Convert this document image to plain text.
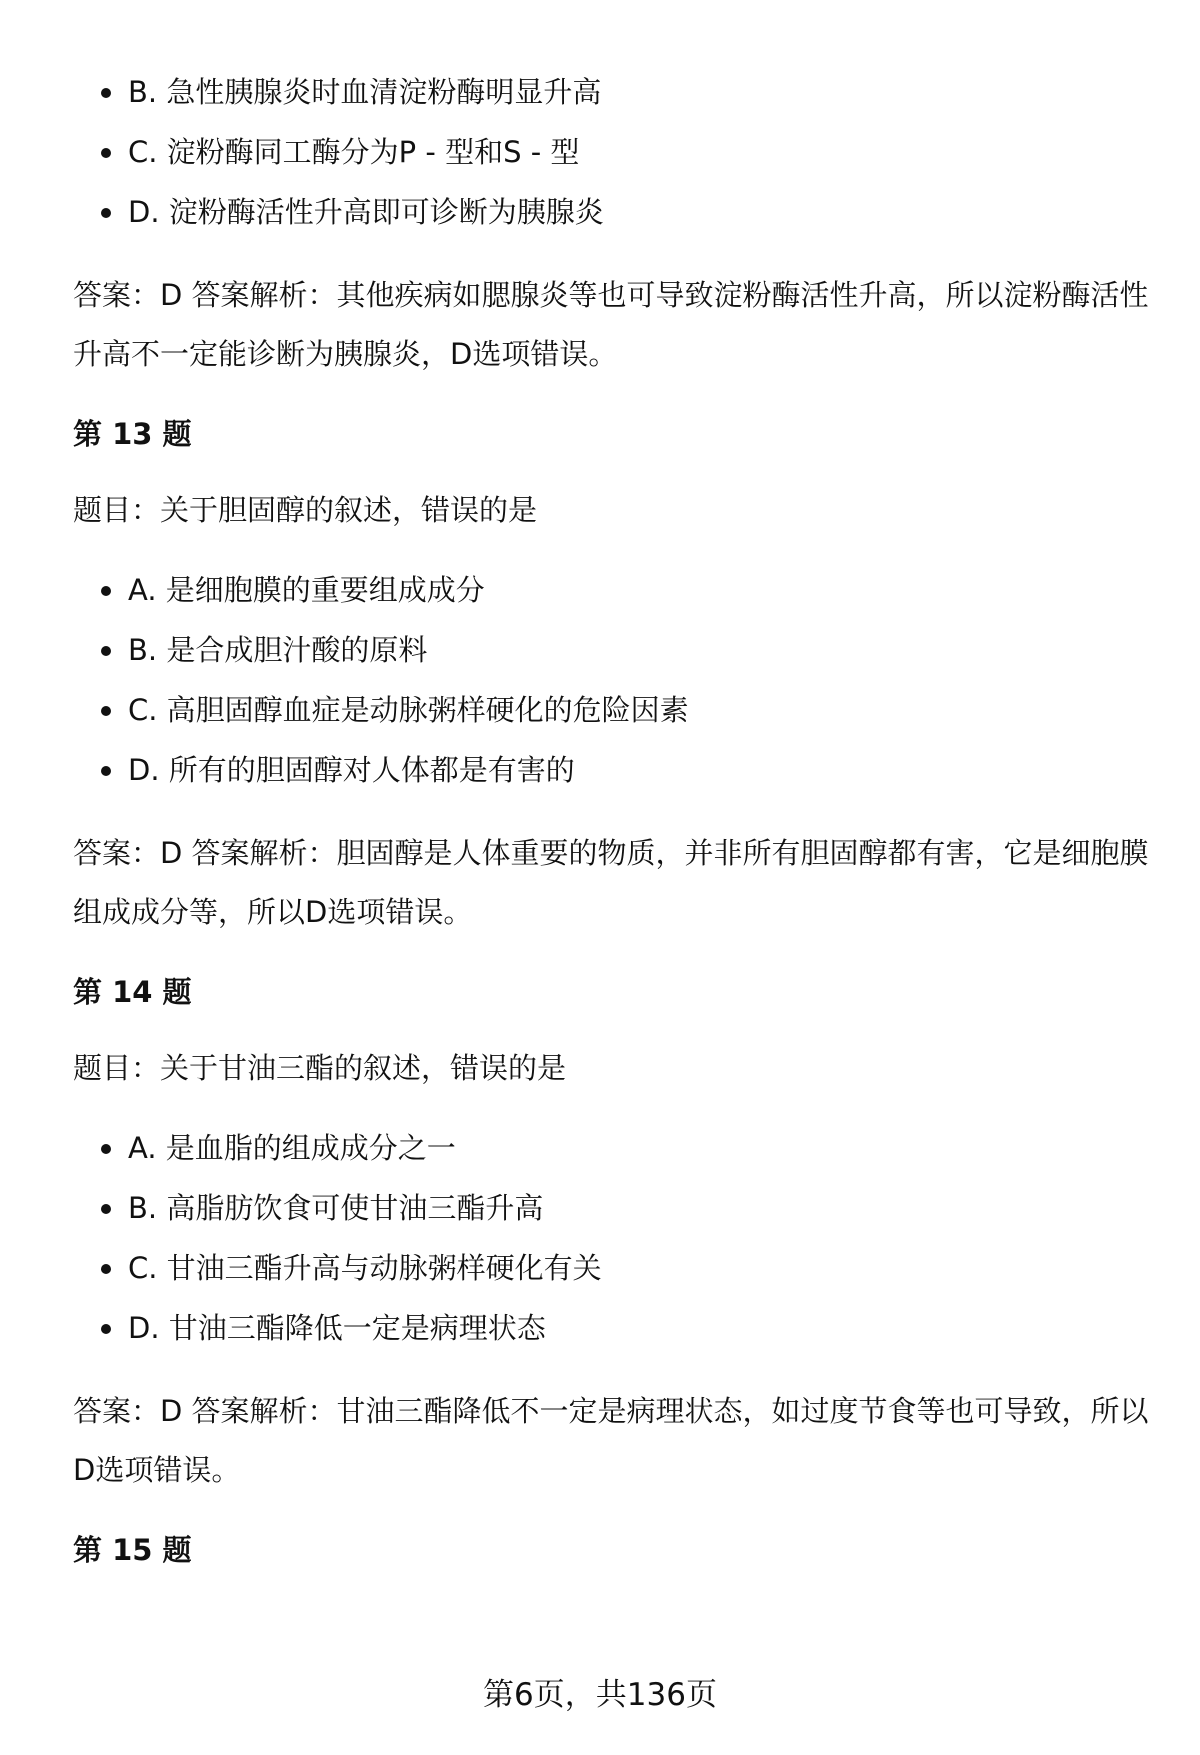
B. 急性胰腺炎时血清淀粉酶明显升高
C. 淀粉酶同工酶分为P - 型和S - 型
D. 淀粉酶活性升高即可诊断为胰腺炎

答案：D 答案解析：其他疾病如腮腺炎等也可导致淀粉酶活性升高，所以淀粉酶活性升高不一定能诊断为胰腺炎，D选项错误。

第 13 题

题目：关于胆固醇的叙述，错误的是

A. 是细胞膜的重要组成成分
B. 是合成胆汁酸的原料
C. 高胆固醇血症是动脉粥样硬化的危险因素
D. 所有的胆固醇对人体都是有害的

答案：D 答案解析：胆固醇是人体重要的物质，并非所有胆固醇都有害，它是细胞膜组成成分等，所以D选项错误。

第 14 题

题目：关于甘油三酯的叙述，错误的是

A. 是血脂的组成成分之一
B. 高脂肪饮食可使甘油三酯升高
C. 甘油三酯升高与动脉粥样硬化有关
D. 甘油三酯降低一定是病理状态

答案：D 答案解析：甘油三酯降低不一定是病理状态，如过度节食等也可导致，所以D选项错误。

第 15 题

第6页，共136页
